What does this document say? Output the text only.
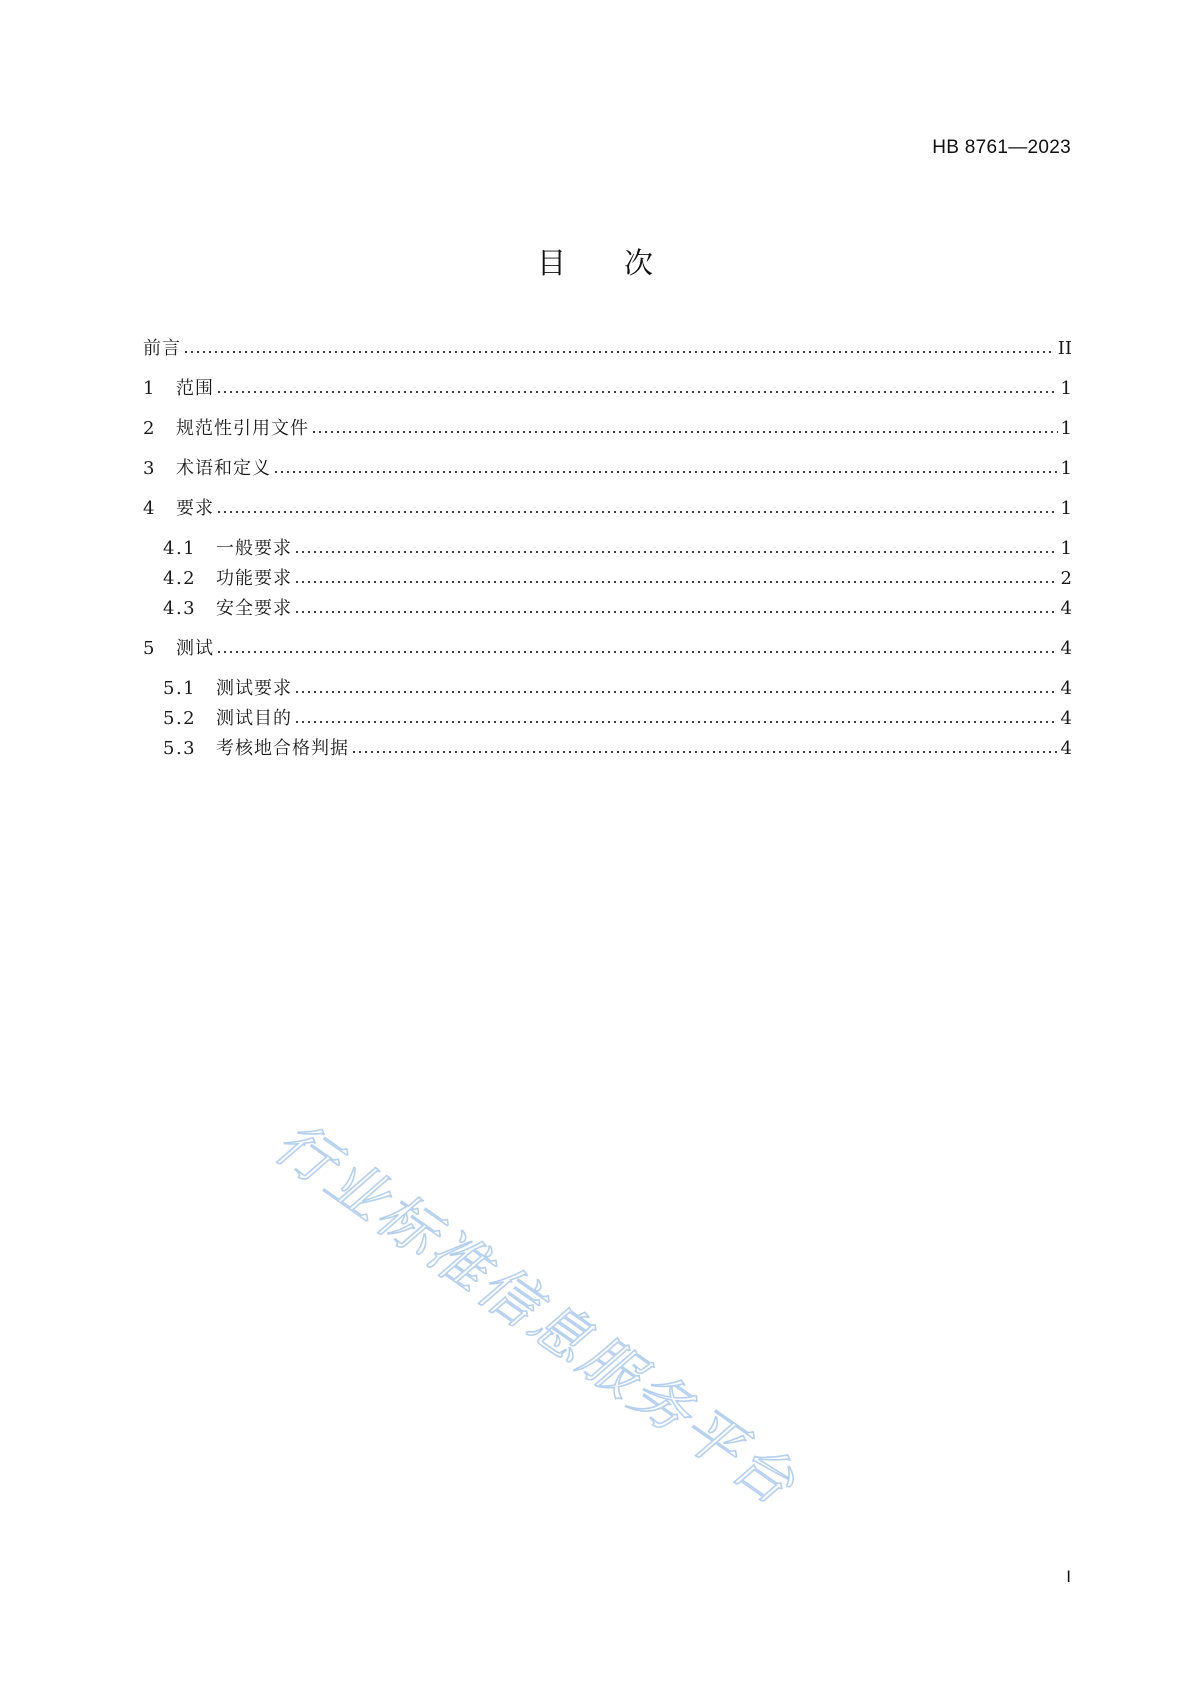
HB 8761—2023
目次
前言	II
1	范围	1
2	规范性引用文件	1
3	术语和定义	1
4	要求	1
4.1	一般要求	1
4.2	功能要求	2
4.3	安全要求	4
5	测试	4
5.1	测试要求	4
5.2	测试目的	4
5.3	考核地合格判据	4
行业标准信息服务平台
I
